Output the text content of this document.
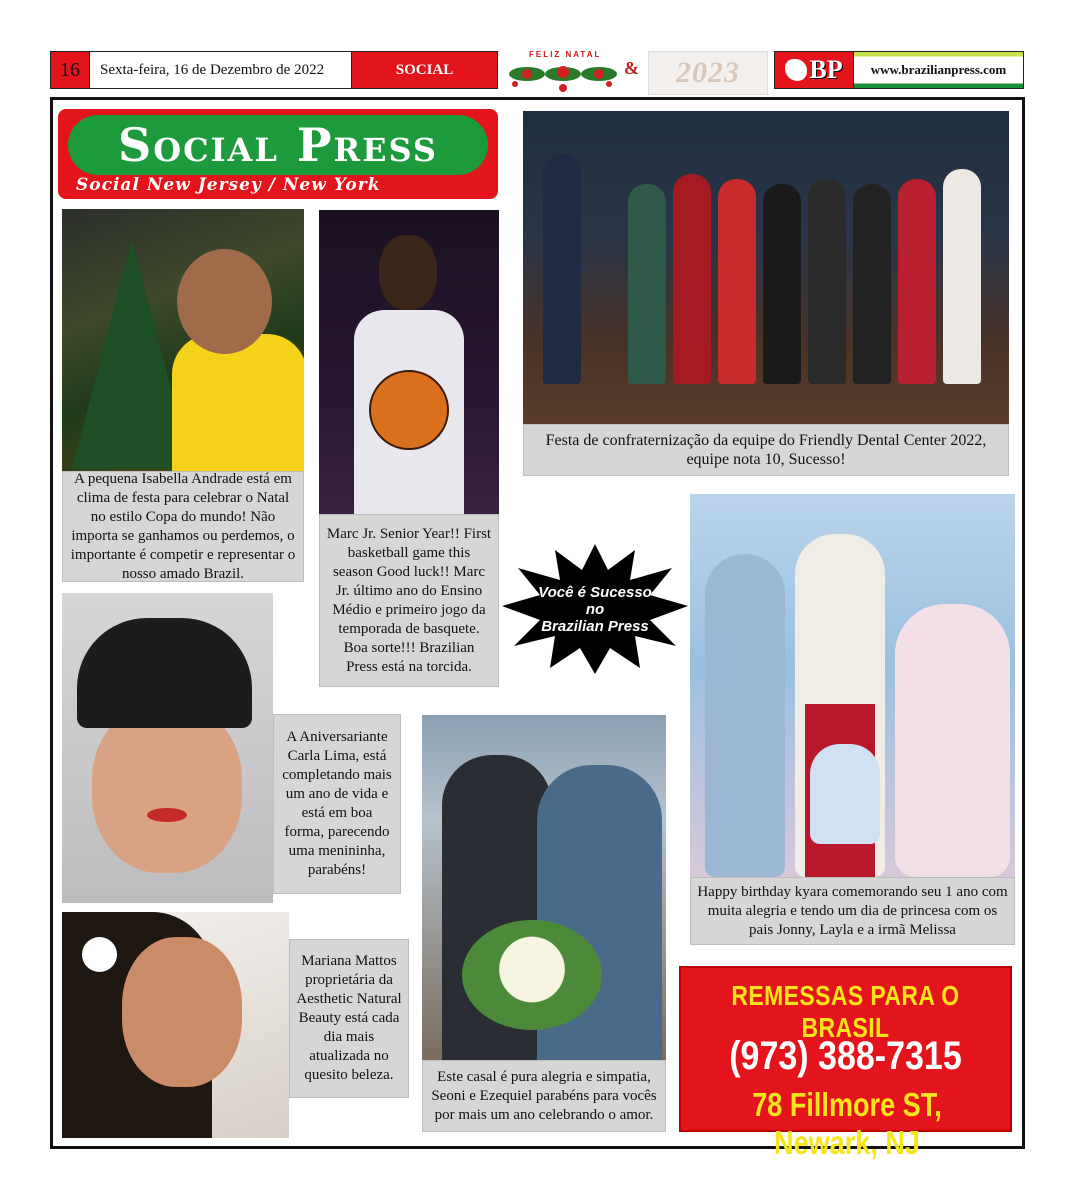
16	Sexta-feira, 16 de Dezembro de 2022	SOCIAL
FELIZ NATAL
&	2023	BP	www.brazilianpress.com
Social Press
Social New Jersey / New York
A pequena Isabella Andrade está em clima de festa para celebrar o Natal no estilo Copa do mundo! Não importa se ganhamos ou perdemos, o importante é competir e representar o nosso amado Brazil.
Marc Jr. Senior Year!! First basketball game this season Good luck!! Marc Jr. último ano do Ensino Médio e primeiro jogo da temporada de basquete. Boa sorte!!! Brazilian Press está na torcida.
Festa de confraternização da equipe do Friendly Dental Center 2022, equipe nota 10, Sucesso!
Você é Sucesso
no
Brazilian Press
Happy birthday kyara comemorando seu 1 ano com muita alegria e tendo um dia de princesa com os pais Jonny, Layla e a irmã Melissa
A Aniversariante Carla Lima, está completando mais um ano de vida e está em boa forma, parecendo uma menininha, parabéns!
Este casal é pura alegria e simpatia, Seoni e Ezequiel parabéns para vocês por mais um ano celebrando o amor.
Mariana Mattos proprietária da Aesthetic Natural Beauty está cada dia mais atualizada no quesito beleza.
REMESSAS PARA O BRASIL
(973) 388-7315
78 Fillmore ST, Newark, NJ
